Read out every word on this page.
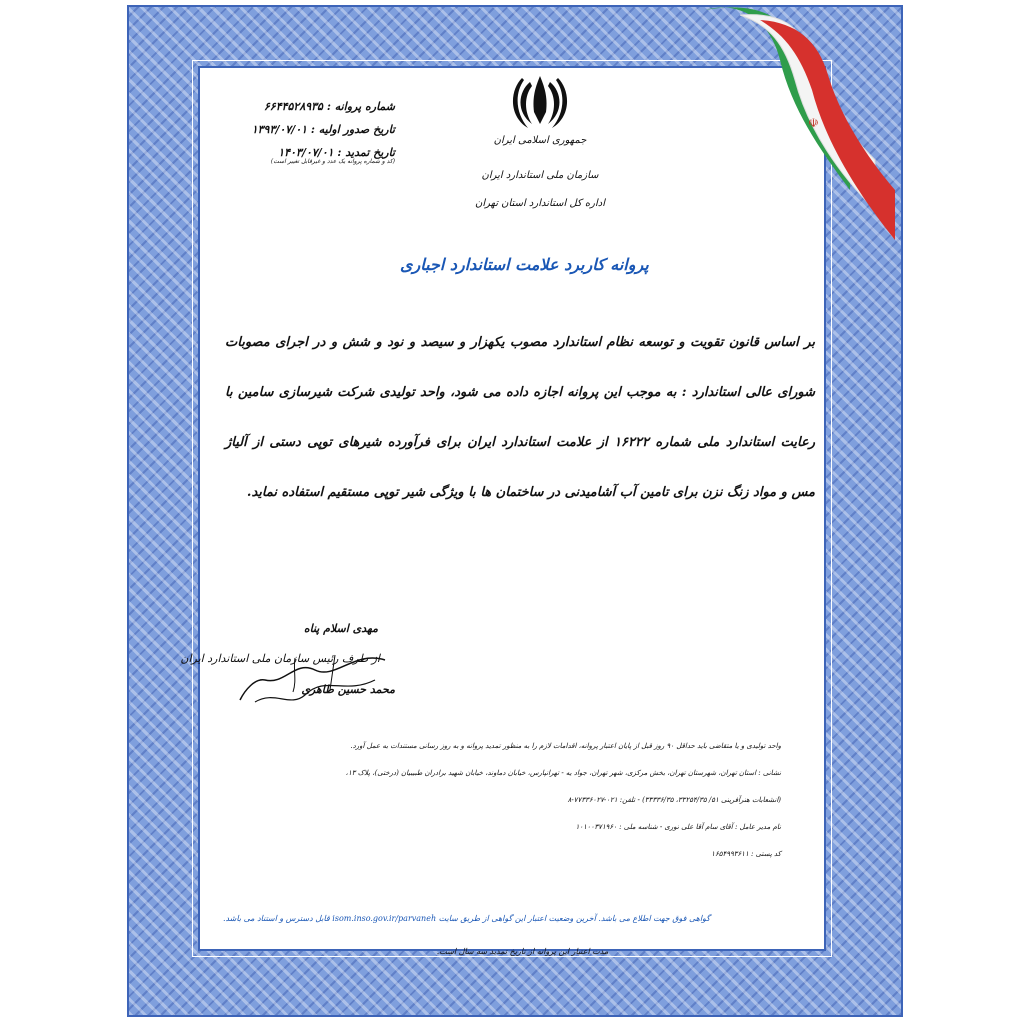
☫
جمهوری اسلامی ایران
سازمان ملی استاندارد ایران
اداره کل استاندارد استان تهران
شماره پروانه : ۶۶۴۴۵۲۸۹۳۵
تاریخ صدور اولیه : ۱۳۹۳/۰۷/۰۱
تاریخ تمدید : ۱۴۰۳/۰۷/۰۱
(کد و شماره پروانه یک عدد و غیرقابل تغییر است)
پروانه کاربرد علامت استاندارد اجباری
بر اساس قانون تقویت و توسعه نظام استاندارد مصوب یکهزار و سیصد و نود و شش و در اجرای مصوبات شورای عالی استاندارد : به موجب این پروانه اجازه داده می شود، واحد تولیدی شرکت شیرسازی سامین با رعایت استاندارد ملی شماره ۱۶۲۲۲ از علامت استاندارد ایران برای فرآورده شیرهای توپی دستی از آلیاژ مس و مواد زنگ نزن برای تامین آب آشامیدنی در ساختمان ها با ویژگی شیر توپی مستقیم استفاده نماید.
مهدی اسلام پناه
از طرف رئیس سازمان ملی استاندارد ایران
محمد حسین طاهری
واحد تولیدی و یا متقاضی باید حداقل ۹۰ روز قبل از پایان اعتبار پروانه، اقدامات لازم را به منظور تمدید پروانه و به روز رسانی مستندات به عمل آورد.
نشانی : استان تهران، شهرستان تهران، بخش مرکزی، شهر تهران، جواد یه - تهرانپارس، خیابان دماوند، خیابان شهید برادران طبیبیان (درختی)، پلاک ۱۳،
(انشعابات هنرآفرینی ۵۱/ ۳۳۲۵۴/۳۵، ۳۳۳۳۶/۳۵) - تلفن: ۰۲۱-۷۷۳۳۶۰۲۷-۸
نام مدیر عامل : آقای سام آقا علی نوری - شناسه ملی : ۱۰۱۰۰۳۷۱۹۶۰
کد پستی : ۱۶۵۴۹۹۳۶۱۱
گواهی فوق جهت اطلاع می باشد. آخرین وضعیت اعتبار این گواهی از طریق سایت isom.inso.gov.ir/parvaneh قابل دسترس و استناد می باشد.
مدت اعتبار این پروانه از تاریخ تمدید سه سال است.
